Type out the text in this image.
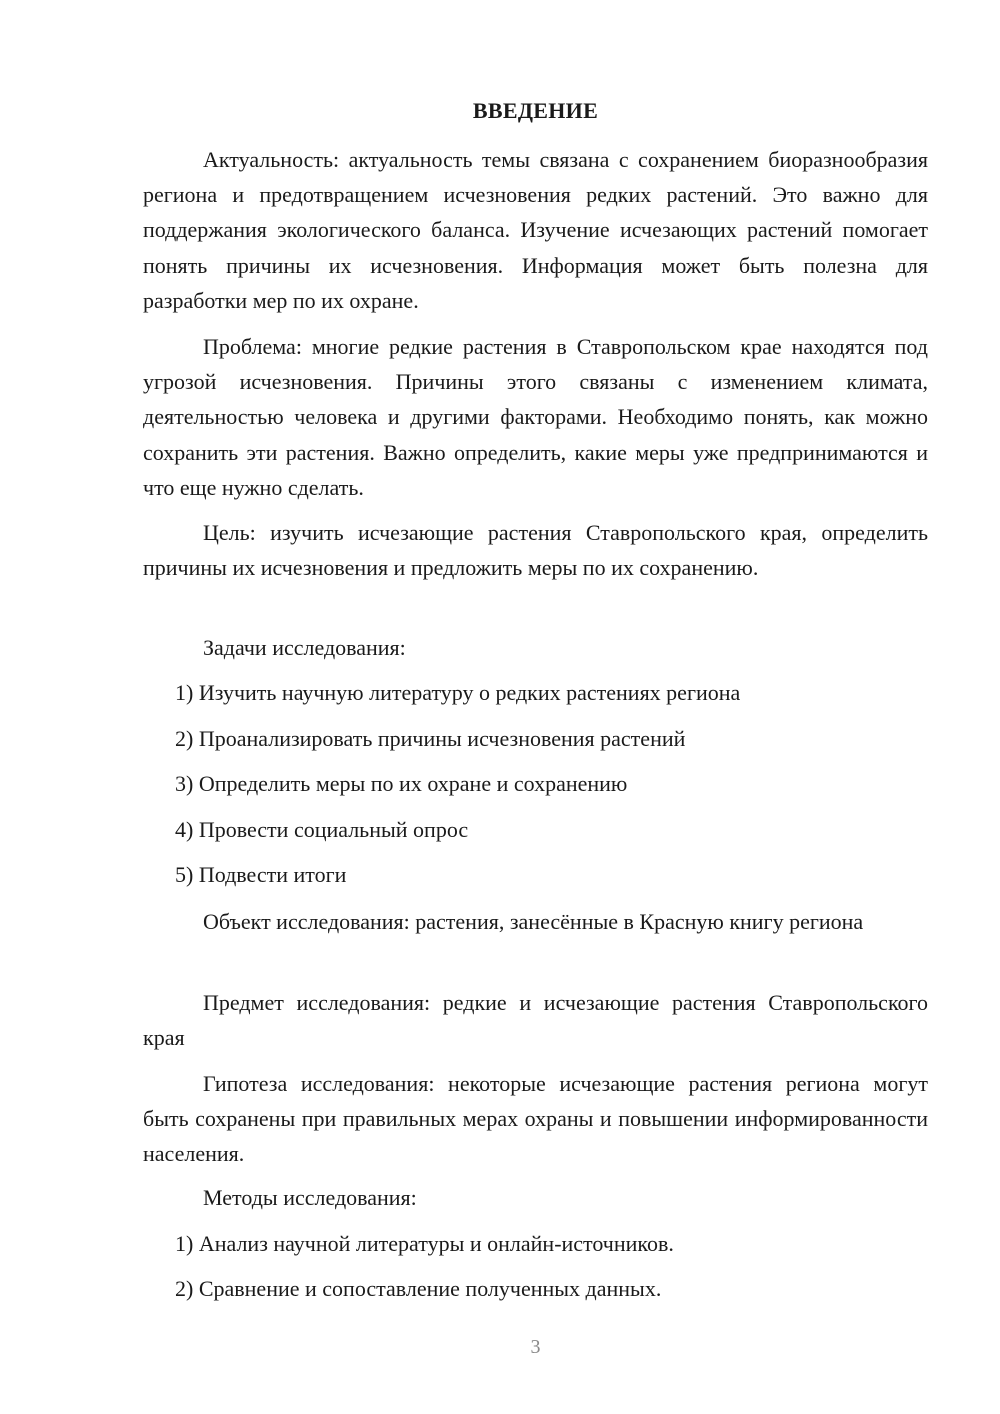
ВВЕДЕНИЕ

Актуальность: актуальность темы связана с сохранением биоразнообразия региона и предотвращением исчезновения редких растений. Это важно для поддержания экологического баланса. Изучение исчезающих растений помогает понять причины их исчезновения. Информация может быть полезна для разработки мер по их охране.

Проблема: многие редкие растения в Ставропольском крае находятся под угрозой исчезновения. Причины этого связаны с изменением климата, деятельностью человека и другими факторами. Необходимо понять, как можно сохранить эти растения. Важно определить, какие меры уже предпринимаются и что еще нужно сделать.

Цель: изучить исчезающие растения Ставропольского края, определить причины их исчезновения и предложить меры по их сохранению.

Задачи исследования:

1) Изучить научную литературу о редких растениях региона

2) Проанализировать причины исчезновения растений

3) Определить меры по их охране и сохранению

4) Провести социальный опрос

5) Подвести итоги

Объект исследования: растения, занесённые в Красную книгу региона

Предмет исследования: редкие и исчезающие растения Ставропольского края

Гипотеза исследования: некоторые исчезающие растения региона могут быть сохранены при правильных мерах охраны и повышении информированности населения.

Методы исследования:

1) Анализ научной литературы и онлайн-источников.

2) Сравнение и сопоставление полученных данных.

3
